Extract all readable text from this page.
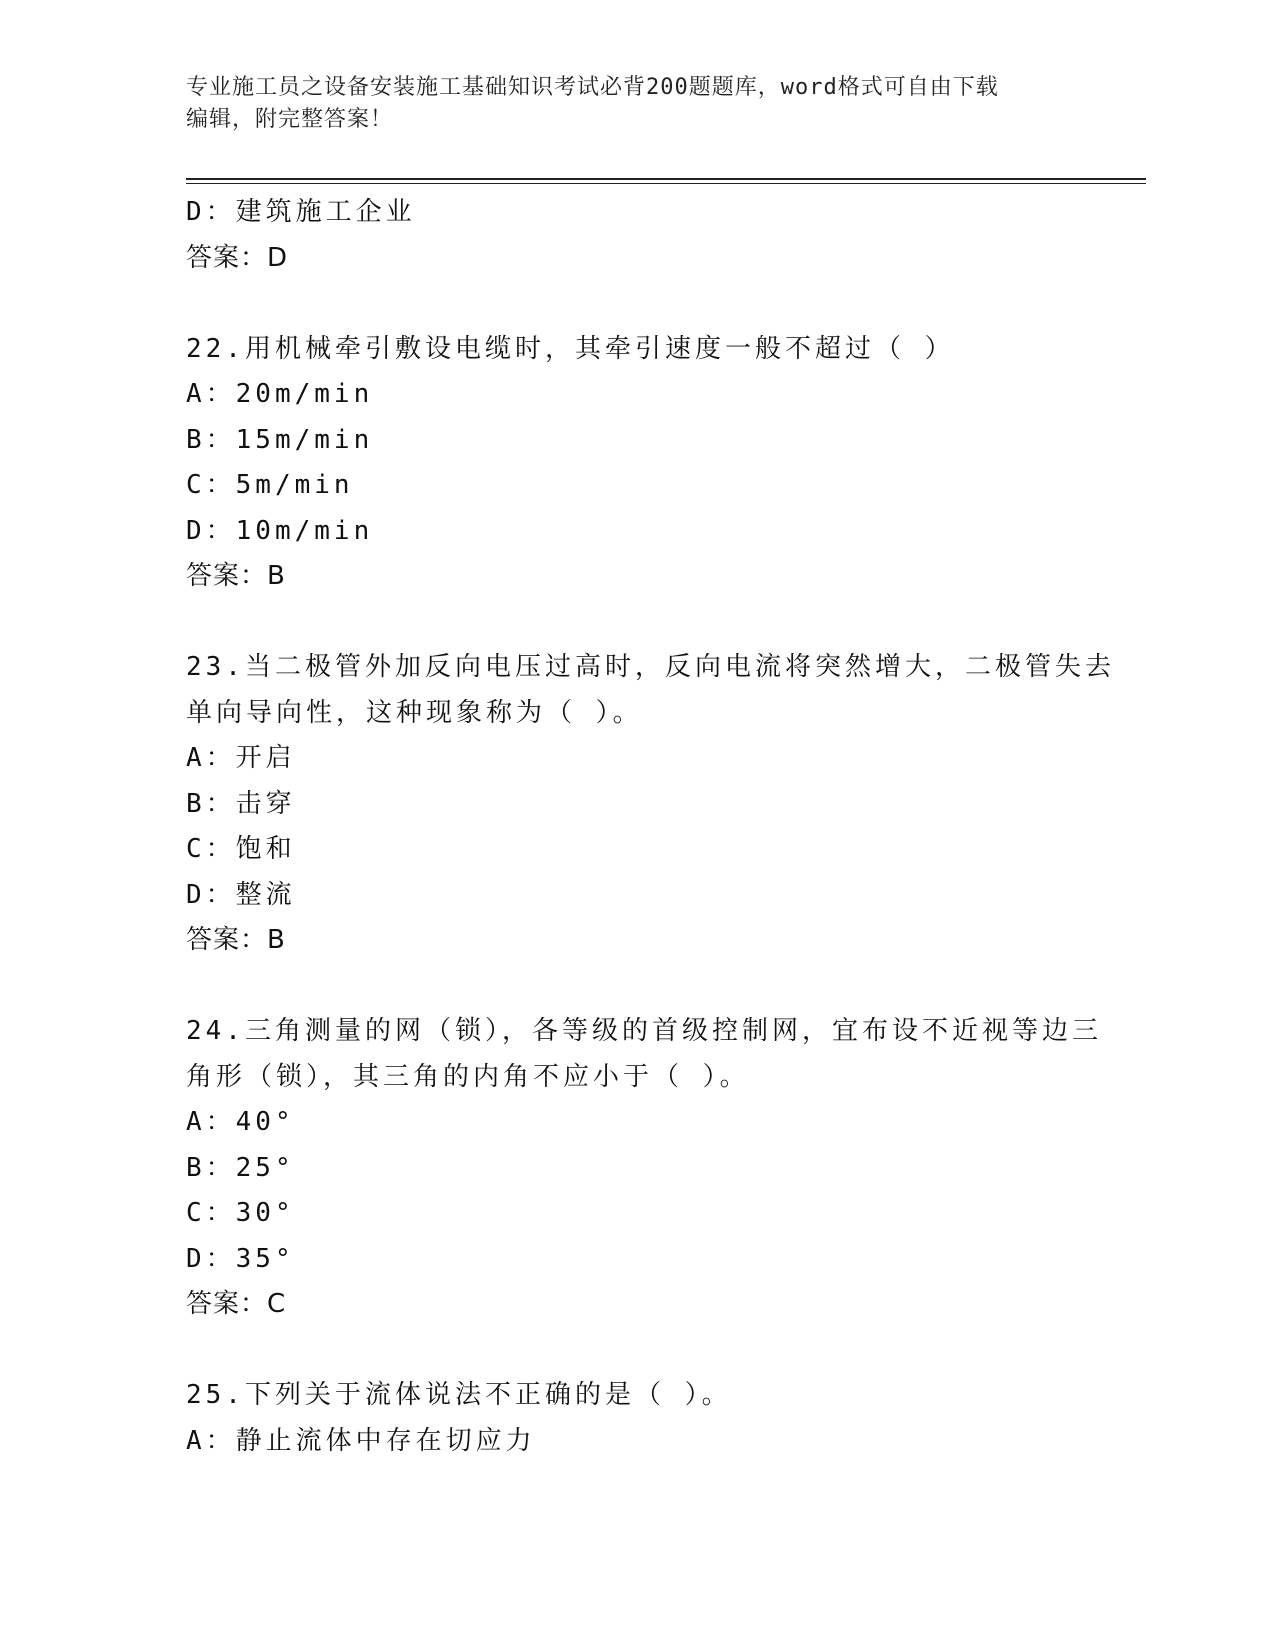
专业施工员之设备安装施工基础知识考试必背200题题库，word格式可自由下载
编辑，附完整答案！
D：建筑施工企业
答案：D
22.用机械牵引敷设电缆时，其牵引速度一般不超过（ ）
A：20m/min
B：15m/min
C：5m/min
D：10m/min
答案：B
23.当二极管外加反向电压过高时，反向电流将突然增大，二极管失去
单向导向性，这种现象称为（ ）。
A：开启
B：击穿
C：饱和
D：整流
答案：B
24.三角测量的网（锁），各等级的首级控制网，宜布设不近视等边三
角形（锁），其三角的内角不应小于（ ）。
A：40°
B：25°
C：30°
D：35°
答案：C
25.下列关于流体说法不正确的是（ ）。
A：静止流体中存在切应力
